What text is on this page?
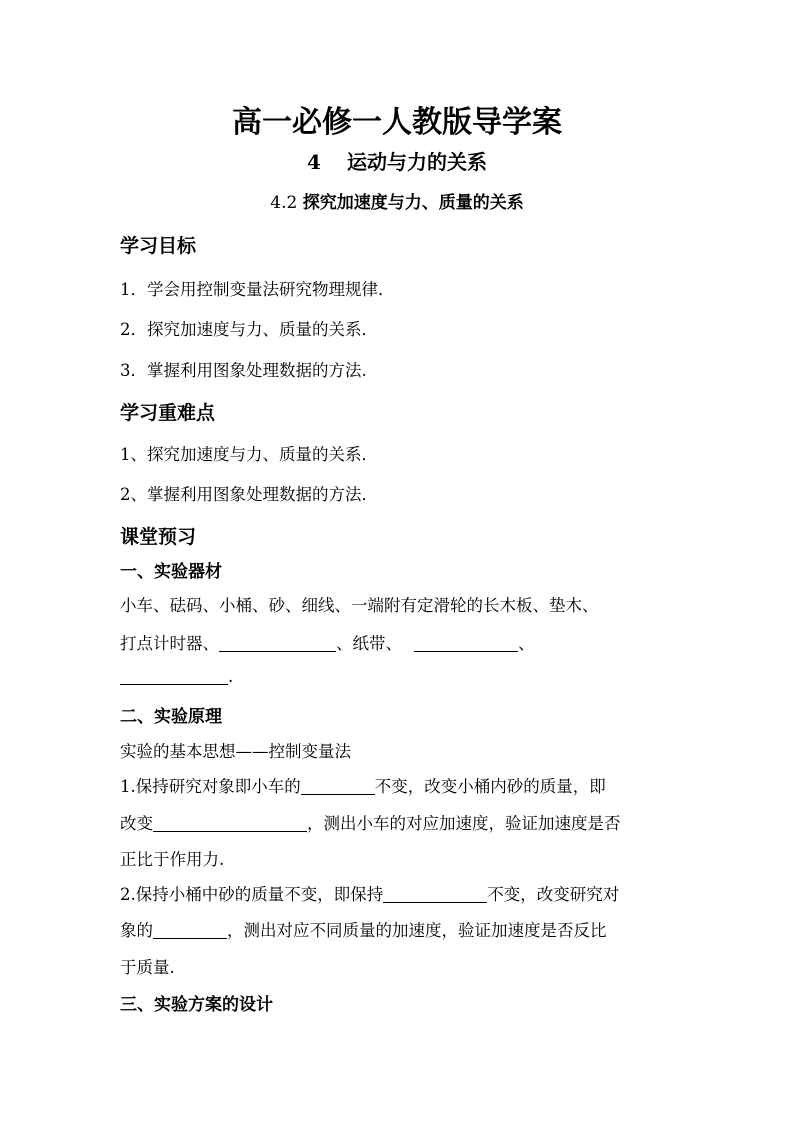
高一必修一人教版导学案
4 运动与力的关系
4.2 探究加速度与力、质量的关系
学习目标
1．学会用控制变量法研究物理规律．
2．探究加速度与力、质量的关系．
3．掌握利用图象处理数据的方法.
学习重难点
1、探究加速度与力、质量的关系．
2、掌握利用图象处理数据的方法．
课堂预习
一、实验器材
小车、砝码、小桶、砂、细线、一端附有定滑轮的长木板、垫木、
打点计时器、	、纸带、	、
.
二、实验原理
实验的基本思想——控制变量法
1.保持研究对象即小车的	不变，改变小桶内砂的质量，即
改变	，测出小车的对应加速度，验证加速度是否
正比于作用力.
2.保持小桶中砂的质量不变，即保持	不变，改变研究对
象的	，测出对应不同质量的加速度，验证加速度是否反比
于质量.
三、实验方案的设计
